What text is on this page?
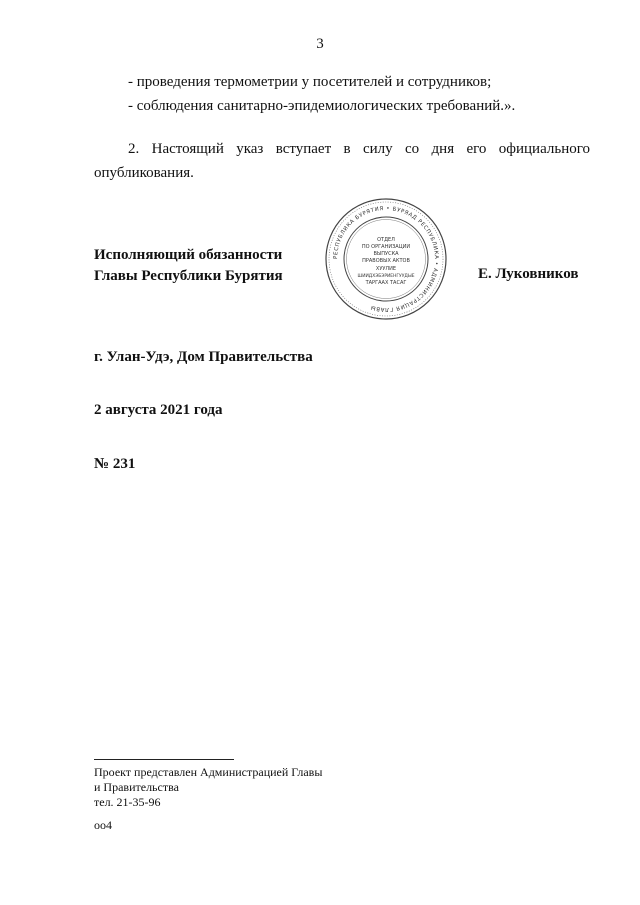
3
- проведения термометрии у посетителей и сотрудников;
- соблюдения санитарно-эпидемиологических требований.».
2. Настоящий указ вступает в силу со дня его официального опубликования.
Исполняющий обязанности
Главы Республики Бурятия
РЕСПУБЛИКА БУРЯТИЯ • БУРЯАД РЕСПУБЛИКА • АДМИНИСТРАЦИЯ ГЛАВЫ
ОТДЕЛ
ПО ОРГАНИЗАЦИИ
ВЫПУСКА
ПРАВОВЫХ АКТОВ
ХУУЛИЕ
ШИИДХЭБЭРИЕНГУУДЫЕ
ТАРГААХ ТАСАГ
Е. Луковников
г. Улан-Удэ, Дом Правительства
2 августа 2021 года
№ 231
Проект представлен Администрацией Главы
и Правительства
тел. 21-35-96
оо4
